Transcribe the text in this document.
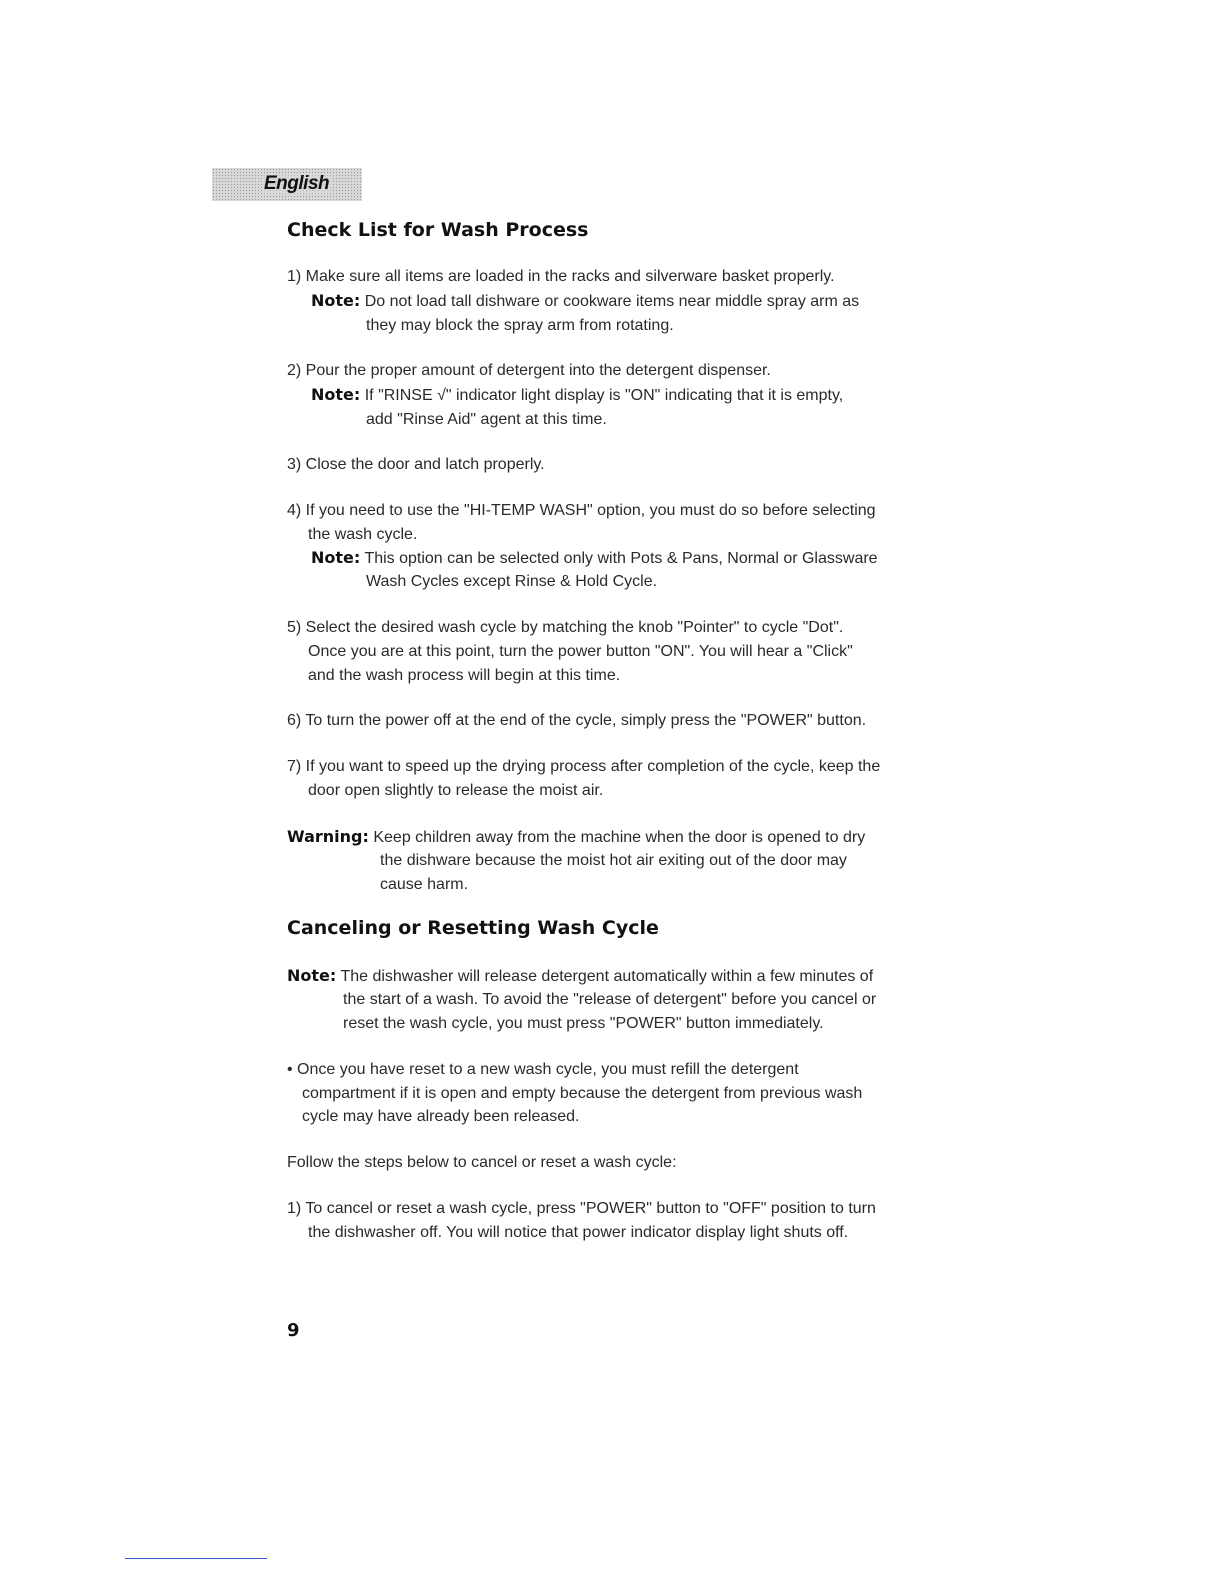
English
Check List for Wash Process
1) Make sure all items are loaded in the racks and silverware basket properly.
Note: Do not load tall dishware or cookware items near middle spray arm as
they may block the spray arm from rotating.
2) Pour the proper amount of detergent into the detergent dispenser.
Note: If "RINSE √" indicator light display is "ON" indicating that it is empty,
add "Rinse Aid" agent at this time.
3) Close the door and latch properly.
4) If you need to use the "HI-TEMP WASH" option, you must do so before selecting
the wash cycle.
Note: This option can be selected only with Pots & Pans, Normal or Glassware
Wash Cycles except Rinse & Hold Cycle.
5) Select the desired wash cycle by matching the knob "Pointer" to cycle "Dot".
Once you are at this point, turn the power button "ON". You will hear a "Click"
and the wash process will begin at this time.
6) To turn the power off at the end of the cycle, simply press the "POWER" button.
7) If you want to speed up the drying process after completion of the cycle, keep the
door open slightly to release the moist air.
Warning: Keep children away from the machine when the door is opened to dry
the dishware because the moist hot air exiting out of the door may
cause harm.
Canceling or Resetting Wash Cycle
Note: The dishwasher will release detergent automatically within a few minutes of
the start of a wash. To avoid the "release of detergent" before you cancel or
reset the wash cycle, you must press "POWER" button immediately.
• Once you have reset to a new wash cycle, you must refill the detergent
compartment if it is open and empty because the detergent from previous wash
cycle may have already been released.
Follow the steps below to cancel or reset a wash cycle:
1) To cancel or reset a wash cycle, press "POWER" button to "OFF" position to turn
the dishwasher off. You will notice that power indicator display light shuts off.
9
